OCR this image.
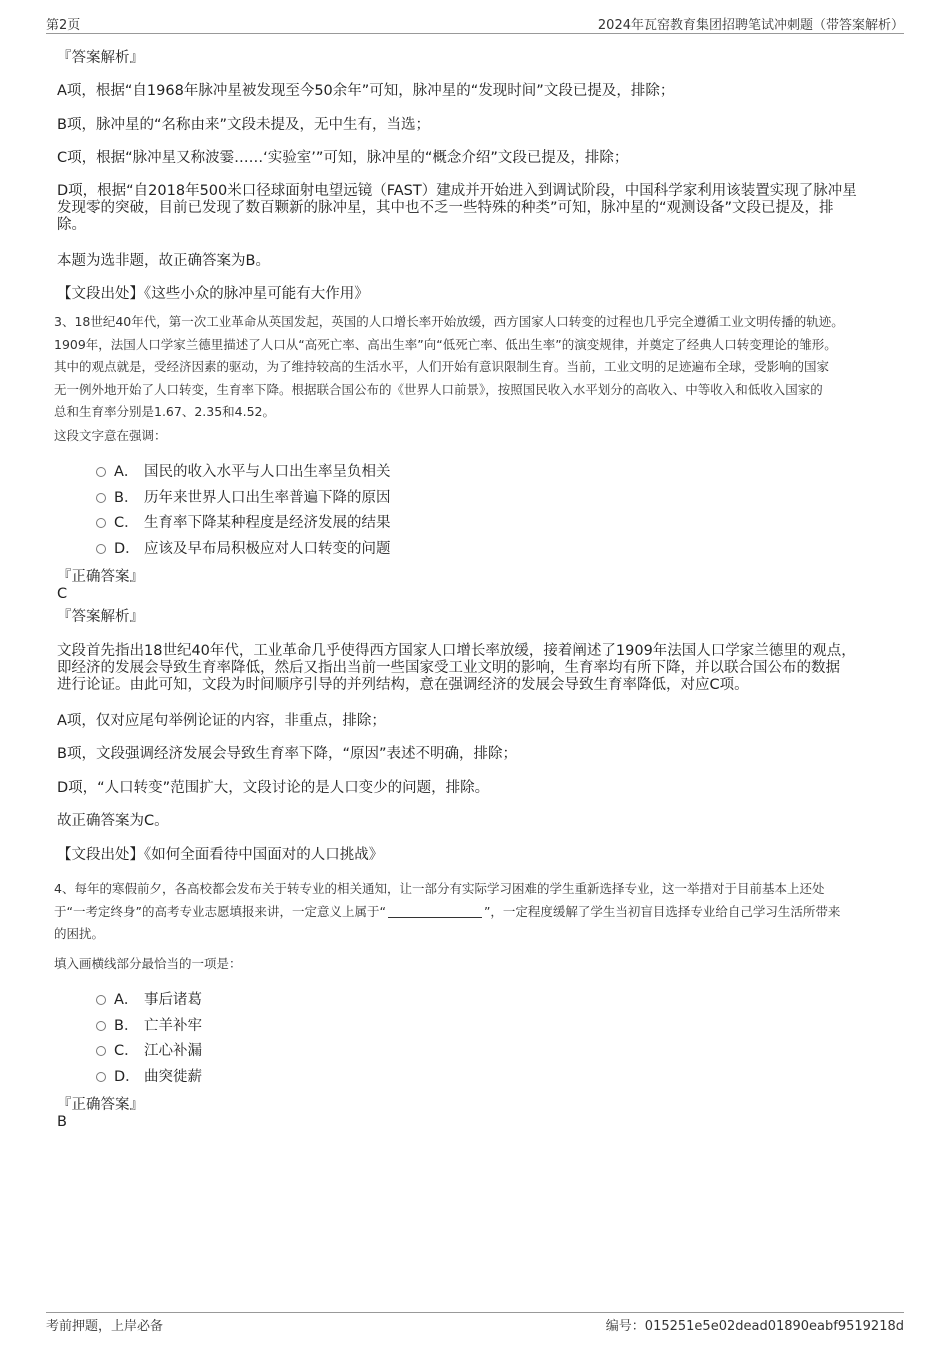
第2页	2024年瓦窑教育集团招聘笔试冲刺题（带答案解析）
『答案解析』
A项，根据“自1968年脉冲星被发现至今50余年”可知，脉冲星的“发现时间”文段已提及，排除；
B项，脉冲星的“名称由来”文段未提及，无中生有，当选；
C项，根据“脉冲星又称波霎……‘实验室’”可知，脉冲星的“概念介绍”文段已提及，排除；
D项，根据“自2018年500米口径球面射电望远镜（FAST）建成并开始进入到调试阶段，中国科学家利用该装置实现了脉冲星
发现零的突破，目前已发现了数百颗新的脉冲星，其中也不乏一些特殊的种类”可知，脉冲星的“观测设备”文段已提及，排
除。
本题为选非题，故正确答案为B。
【文段出处】《这些小众的脉冲星可能有大作用》
3、18世纪40年代，第一次工业革命从英国发起，英国的人口增长率开始放缓，西方国家人口转变的过程也几乎完全遵循工业文明传播的轨迹。
1909年，法国人口学家兰德里描述了人口从“高死亡率、高出生率”向“低死亡率、低出生率”的演变规律，并奠定了经典人口转变理论的雏形。
其中的观点就是，受经济因素的驱动，为了维持较高的生活水平，人们开始有意识限制生育。当前，工业文明的足迹遍布全球，受影响的国家
无一例外地开始了人口转变，生育率下降。根据联合国公布的《世界人口前景》，按照国民收入水平划分的高收入、中等收入和低收入国家的
总和生育率分别是1.67、2.35和4.52。
这段文字意在强调：
A． 国民的收入水平与人口出生率呈负相关
B． 历年来世界人口出生率普遍下降的原因
C． 生育率下降某种程度是经济发展的结果
D． 应该及早布局积极应对人口转变的问题
『正确答案』
C
『答案解析』
文段首先指出18世纪40年代，工业革命几乎使得西方国家人口增长率放缓，接着阐述了1909年法国人口学家兰德里的观点，
即经济的发展会导致生育率降低，然后又指出当前一些国家受工业文明的影响，生育率均有所下降，并以联合国公布的数据
进行论证。由此可知，文段为时间顺序引导的并列结构，意在强调经济的发展会导致生育率降低，对应C项。
A项，仅对应尾句举例论证的内容，非重点，排除；
B项，文段强调经济发展会导致生育率下降，“原因”表述不明确，排除；
D项，“人口转变”范围扩大，文段讨论的是人口变少的问题，排除。
故正确答案为C。
【文段出处】《如何全面看待中国面对的人口挑战》
4、每年的寒假前夕，各高校都会发布关于转专业的相关通知，让一部分有实际学习困难的学生重新选择专业，这一举措对于目前基本上还处
于“一考定终身”的高考专业志愿填报来讲，一定意义上属于“	”，一定程度缓解了学生当初盲目选择专业给自己学习生活所带来
的困扰。
填入画横线部分最恰当的一项是：
A． 事后诸葛
B． 亡羊补牢
C． 江心补漏
D． 曲突徙薪
『正确答案』
B
考前押题，上岸必备	编号：015251e5e02dead01890eabf9519218d
